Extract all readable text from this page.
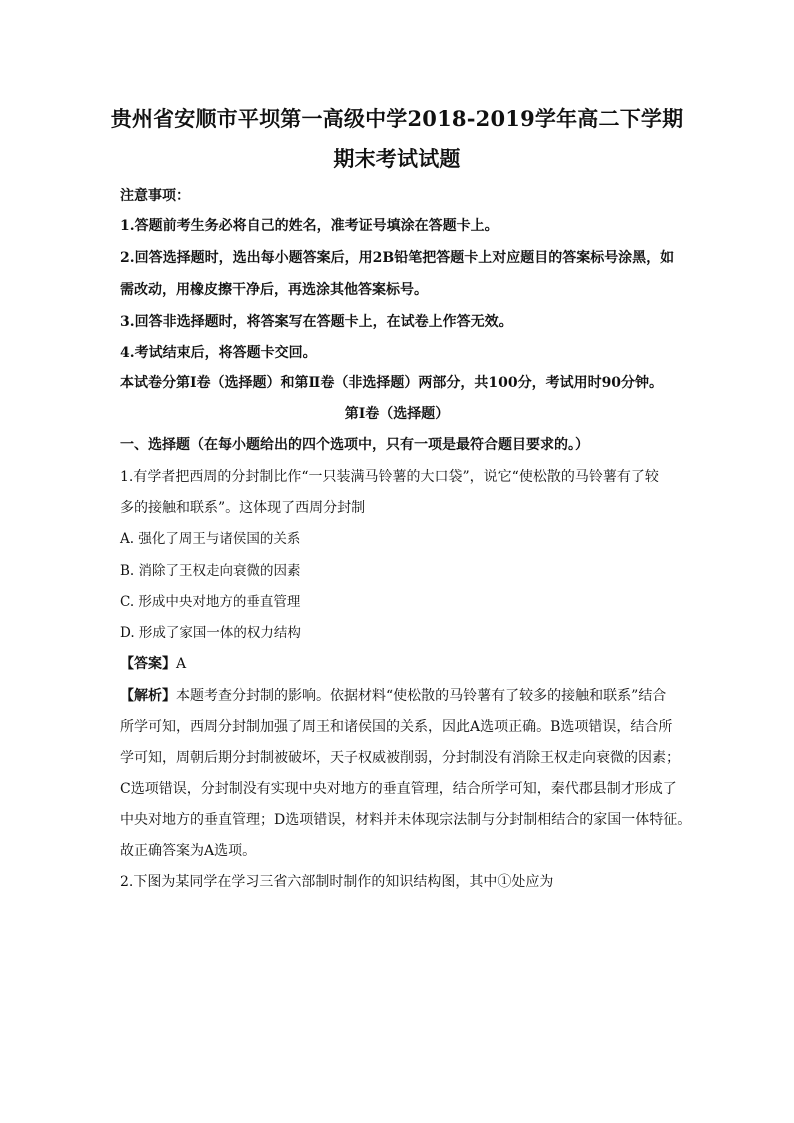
贵州省安顺市平坝第一高级中学2018-2019学年高二下学期
期末考试试题
注意事项：
1.答题前考生务必将自己的姓名，准考证号填涂在答题卡上。
2.回答选择题时，选出每小题答案后，用2B铅笔把答题卡上对应题目的答案标号涂黑，如
需改动，用橡皮擦干净后，再选涂其他答案标号。
3.回答非选择题时，将答案写在答题卡上，在试卷上作答无效。
4.考试结束后，将答题卡交回。
本试卷分第Ⅰ卷（选择题）和第Ⅱ卷（非选择题）两部分，共100分，考试用时90分钟。
第Ⅰ卷（选择题）
一、选择题（在每小题给出的四个选项中，只有一项是最符合题目要求的。）
1.有学者把西周的分封制比作“一只装满马铃薯的大口袋”，说它“使松散的马铃薯有了较
多的接触和联系”。这体现了西周分封制
A. 强化了周王与诸侯国的关系
B. 消除了王权走向衰微的因素
C. 形成中央对地方的垂直管理
D. 形成了家国一体的权力结构
【答案】A
【解析】本题考查分封制的影响。依据材料“使松散的马铃薯有了较多的接触和联系”结合
所学可知，西周分封制加强了周王和诸侯国的关系，因此A选项正确。B选项错误，结合所
学可知，周朝后期分封制被破坏，天子权威被削弱，分封制没有消除王权走向衰微的因素；
C选项错误，分封制没有实现中央对地方的垂直管理，结合所学可知，秦代郡县制才形成了
中央对地方的垂直管理；D选项错误，材料并未体现宗法制与分封制相结合的家国一体特征。
故正确答案为A选项。
2.下图为某同学在学习三省六部制时制作的知识结构图，其中①处应为
